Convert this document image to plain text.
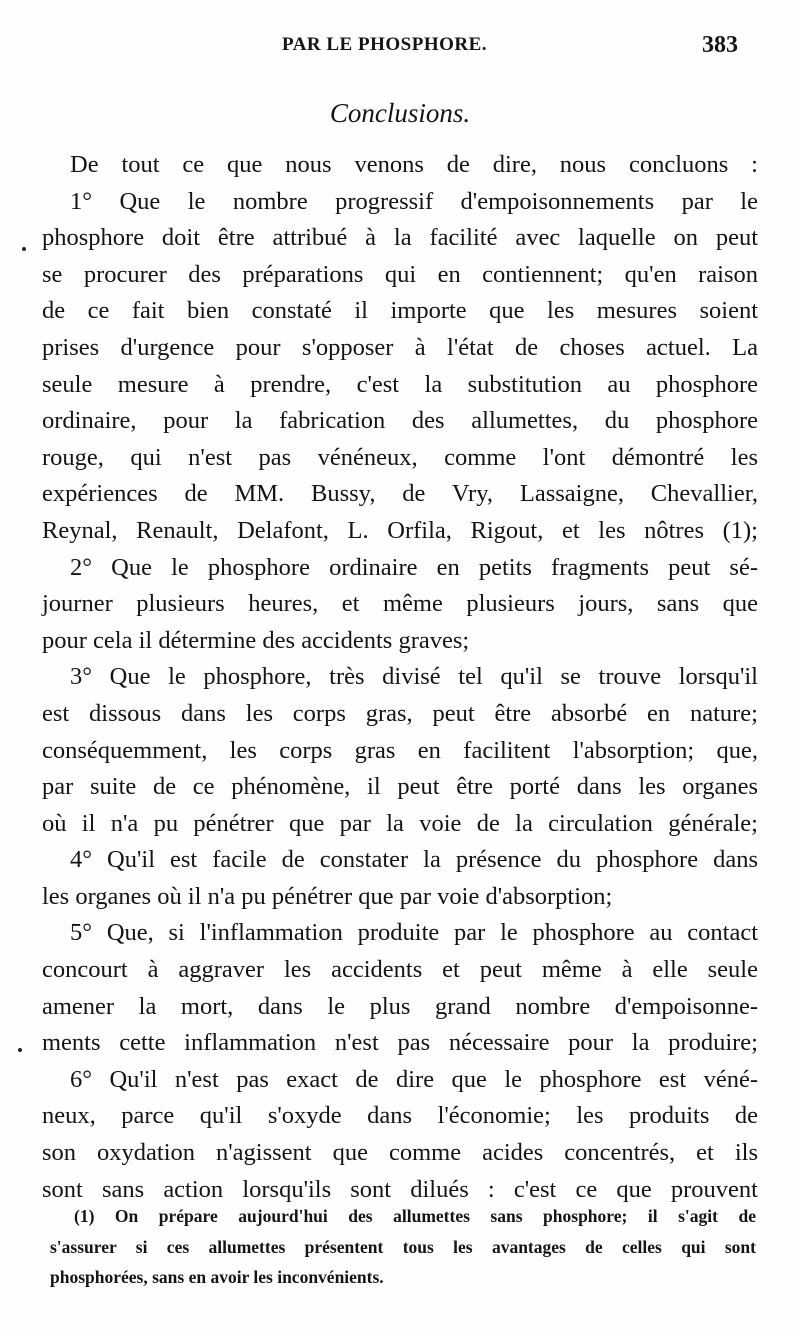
PAR LE PHOSPHORE.	383
Conclusions.
De tout ce que nous venons de dire, nous concluons :
1° Que le nombre progressif d'empoisonnements par le
phosphore doit être attribué à la facilité avec laquelle on peut
se procurer des préparations qui en contiennent; qu'en raison
de ce fait bien constaté il importe que les mesures soient
prises d'urgence pour s'opposer à l'état de choses actuel. La
seule mesure à prendre, c'est la substitution au phosphore
ordinaire, pour la fabrication des allumettes, du phosphore
rouge, qui n'est pas vénéneux, comme l'ont démontré les
expériences de MM. Bussy, de Vry, Lassaigne, Chevallier,
Reynal, Renault, Delafont, L. Orfila, Rigout, et les nôtres (1);
2° Que le phosphore ordinaire en petits fragments peut sé-
journer plusieurs heures, et même plusieurs jours, sans que
pour cela il détermine des accidents graves;
3° Que le phosphore, très divisé tel qu'il se trouve lorsqu'il
est dissous dans les corps gras, peut être absorbé en nature;
conséquemment, les corps gras en facilitent l'absorption; que,
par suite de ce phénomène, il peut être porté dans les organes
où il n'a pu pénétrer que par la voie de la circulation générale;
4° Qu'il est facile de constater la présence du phosphore dans
les organes où il n'a pu pénétrer que par voie d'absorption;
5° Que, si l'inflammation produite par le phosphore au contact
concourt à aggraver les accidents et peut même à elle seule
amener la mort, dans le plus grand nombre d'empoisonne-
ments cette inflammation n'est pas nécessaire pour la produire;
6° Qu'il n'est pas exact de dire que le phosphore est véné-
neux, parce qu'il s'oxyde dans l'économie; les produits de
son oxydation n'agissent que comme acides concentrés, et ils
sont sans action lorsqu'ils sont dilués : c'est ce que prouvent
(1) On prépare aujourd'hui des allumettes sans phosphore; il s'agit de
s'assurer si ces allumettes présentent tous les avantages de celles qui sont
phosphorées, sans en avoir les inconvénients.
